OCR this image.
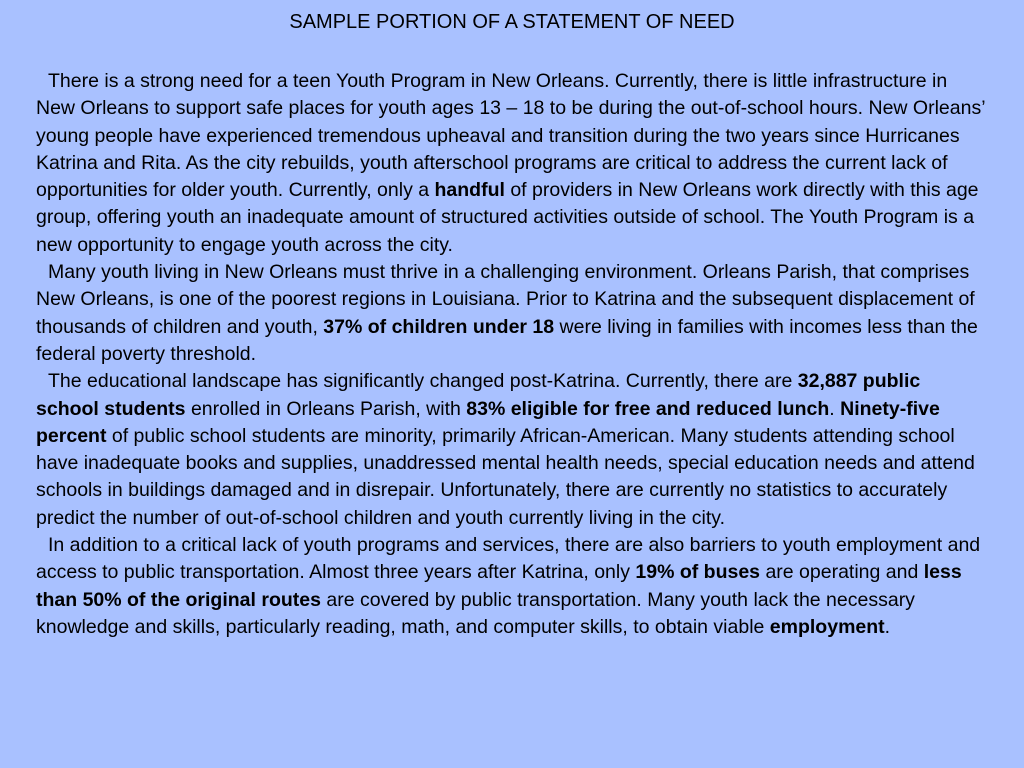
SAMPLE PORTION OF A STATEMENT OF NEED

There is a strong need for a teen Youth Program in New Orleans. Currently, there is little infrastructure in New Orleans to support safe places for youth ages 13 – 18 to be during the out-of-school hours. New Orleans’ young people have experienced tremendous upheaval and transition during the two years since Hurricanes Katrina and Rita. As the city rebuilds, youth afterschool programs are critical to address the current lack of opportunities for older youth. Currently, only a handful of providers in New Orleans work directly with this age group, offering youth an inadequate amount of structured activities outside of school. The Youth Program is a new opportunity to engage youth across the city.

Many youth living in New Orleans must thrive in a challenging environment. Orleans Parish, that comprises New Orleans, is one of the poorest regions in Louisiana. Prior to Katrina and the subsequent displacement of thousands of children and youth, 37% of children under 18 were living in families with incomes less than the federal poverty threshold.

The educational landscape has significantly changed post-Katrina. Currently, there are 32,887 public school students enrolled in Orleans Parish, with 83% eligible for free and reduced lunch. Ninety-five percent of public school students are minority, primarily African-American. Many students attending school have inadequate books and supplies, unaddressed mental health needs, special education needs and attend schools in buildings damaged and in disrepair. Unfortunately, there are currently no statistics to accurately predict the number of out-of-school children and youth currently living in the city.

In addition to a critical lack of youth programs and services, there are also barriers to youth employment and access to public transportation. Almost three years after Katrina, only 19% of buses are operating and less than 50% of the original routes are covered by public transportation. Many youth lack the necessary knowledge and skills, particularly reading, math, and computer skills, to obtain viable employment.
